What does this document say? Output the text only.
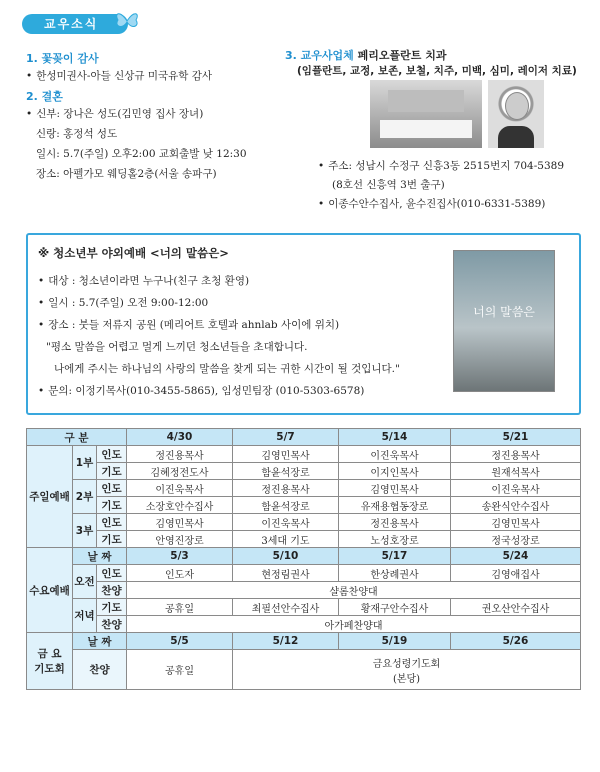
교우소식
1. 꽃꽂이 감사
• 한성미권사-아들 신상규 미국유학 감사
2. 결혼
• 신부: 장나은 성도(김민영 집사 장녀)
신랑: 홍정석 성도
일시: 5.7(주일) 오후2:00 교회출발 낮 12:30
장소: 아펠가모 웨딩홀2층(서울 송파구)
3. 교우사업체 페리오플란트 치과
(임플란트, 교정, 보존, 보철, 치주, 미백, 심미, 레이저 치료)
• 주소: 성남시 수정구 신흥3동 2515번지 704-5389
(8호선 신흥역 3번 출구)
• 이종수안수집사, 윤수진집사(010-6331-5389)
※ 청소년부 야외예배 <너의 말씀은>
• 대상 : 청소년이라면 누구나(친구 초청 환영)
• 일시 : 5.7(주일) 오전 9:00-12:00
• 장소 : 붓들 저류지 공원 (메리어트 호텔과 ahnlab 사이에 위치)
"평소 말씀을 어렵고 멀게 느끼던 청소년들을 초대합니다.
나에게 주시는 하나님의 사랑의 말씀을 찾게 되는 귀한 시간이 될 것입니다."
• 문의: 이정기목사(010-3455-5865), 임성민팀장 (010-5303-6578)
너의 말씀은
구 분			4/30	5/7	5/14	5/21
주일예배	1부	인도	정진용목사	김영민목사	이진욱목사	정진용목사
		기도	김혜정전도사	함윤석장로	이지인목사	원재석목사
	2부	인도	이진욱목사	정진용목사	김영민목사	이진욱목사
		기도	소장호안수집사	함윤석장로	유재용협동장로	송완식안수집사
	3부	인도	김영민목사	이진욱목사	정진용목사	김영민목사
		기도	안영진장로	3세대 기도	노성호장로	정국성장로
수요예배	날 짜		5/3	5/10	5/17	5/24
	오전	인도	인도자	현정림권사	한상례권사	김영애집사
		찬양	샬롬찬양대			
	저녁	기도	공휴일	최필선안수집사	황재구안수집사	권오산안수집사
		찬양	아가페찬양대			

금 요
기도회	날 짜		5/5	5/12	5/19	5/26
	찬양		공휴일	금요성령기도회
(본당)		
